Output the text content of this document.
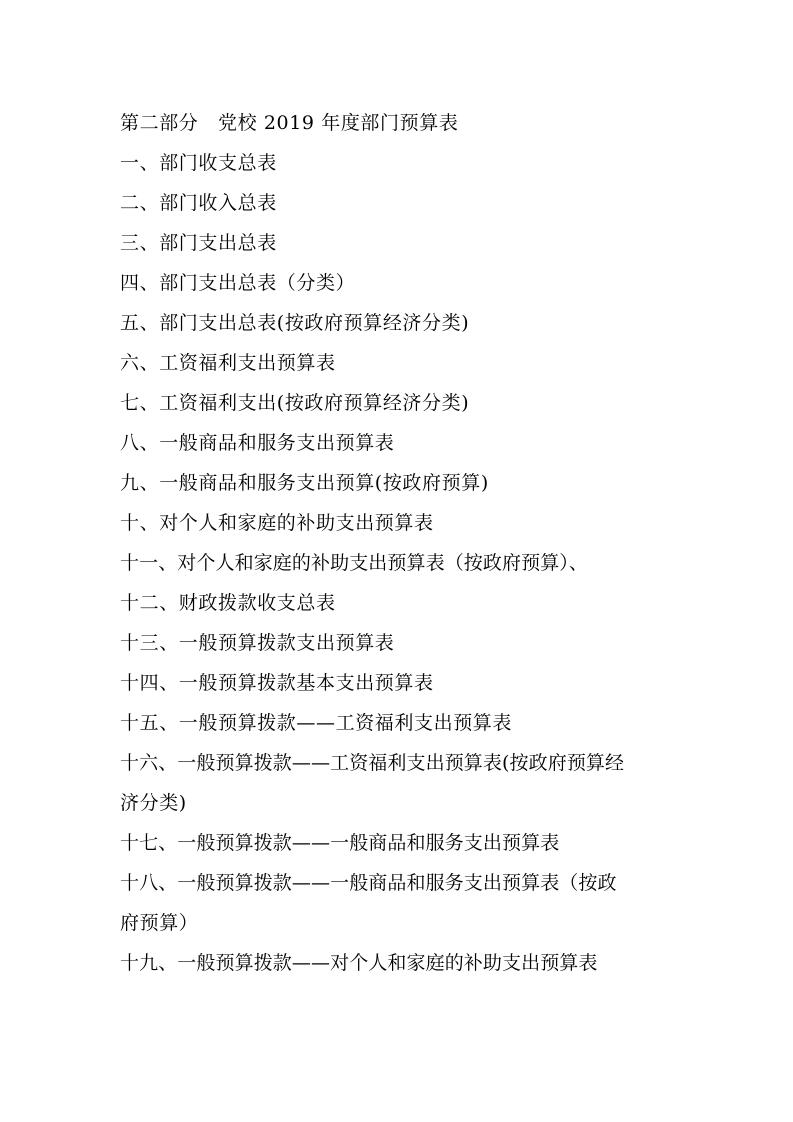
第二部分　党校 2019 年度部门预算表
一、部门收支总表
二、部门收入总表
三、部门支出总表
四、部门支出总表（分类）
五、部门支出总表(按政府预算经济分类)
六、工资福利支出预算表
七、工资福利支出(按政府预算经济分类)
八、一般商品和服务支出预算表
九、一般商品和服务支出预算(按政府预算)
十、对个人和家庭的补助支出预算表
十一、对个人和家庭的补助支出预算表（按政府预算）、
十二、财政拨款收支总表
十三、一般预算拨款支出预算表
十四、一般预算拨款基本支出预算表
十五、一般预算拨款——工资福利支出预算表
十六、一般预算拨款——工资福利支出预算表(按政府预算经
济分类)
十七、一般预算拨款——一般商品和服务支出预算表
十八、一般预算拨款——一般商品和服务支出预算表（按政
府预算）
十九、一般预算拨款——对个人和家庭的补助支出预算表
